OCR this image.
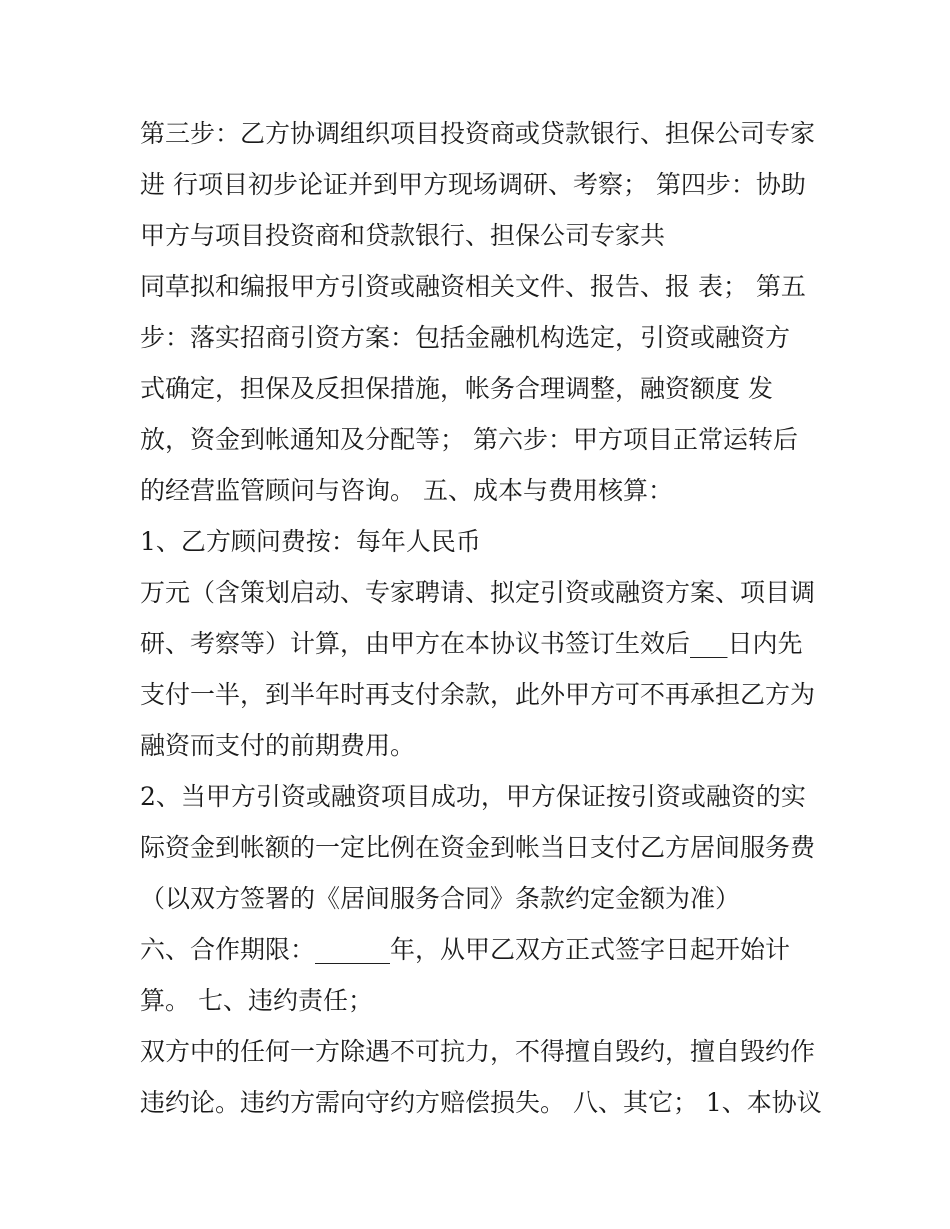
第三步：乙方协调组织项目投资商或贷款银行、担保公司专家
进 行项目初步论证并到甲方现场调研、考察； 第四步：协助
甲方与项目投资商和贷款银行、担保公司专家共
同草拟和编报甲方引资或融资相关文件、报告、报 表； 第五
步：落实招商引资方案：包括金融机构选定，引资或融资方
式确定，担保及反担保措施，帐务合理调整，融资额度 发
放，资金到帐通知及分配等； 第六步：甲方项目正常运转后
的经营监管顾问与咨询。 五、成本与费用核算：
1、乙方顾问费按：每年人民币
万元（含策划启动、专家聘请、拟定引资或融资方案、项目调
研、考察等）计算，由甲方在本协议书签订生效后___日内先
支付一半，到半年时再支付余款，此外甲方可不再承担乙方为
融资而支付的前期费用。
2、当甲方引资或融资项目成功，甲方保证按引资或融资的实
际资金到帐额的一定比例在资金到帐当日支付乙方居间服务费
（以双方签署的《居间服务合同》条款约定金额为准）
六、合作期限：______年，从甲乙双方正式签字日起开始计
算。 七、违约责任；
双方中的任何一方除遇不可抗力，不得擅自毁约，擅自毁约作
违约论。违约方需向守约方赔偿损失。 八、其它； 1、本协议
